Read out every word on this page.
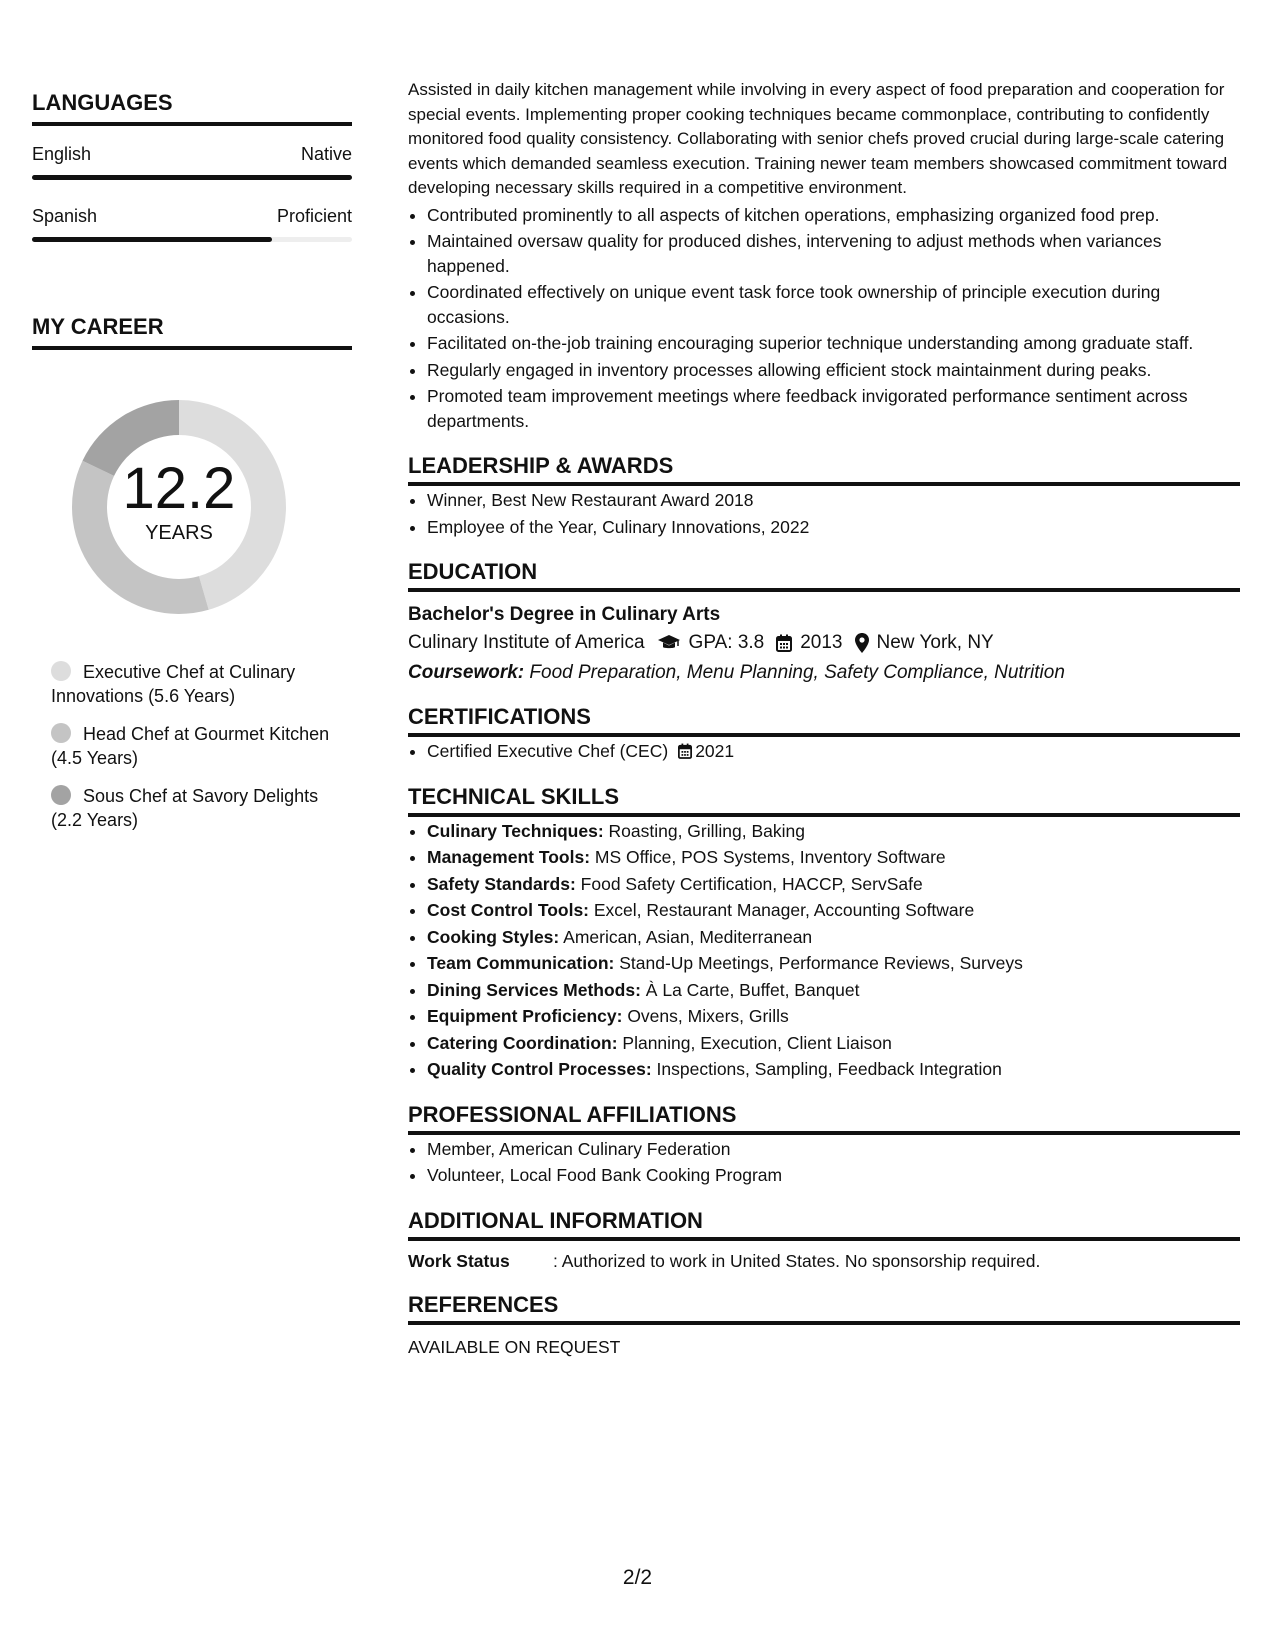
LANGUAGES
English	Native
Spanish	Proficient
MY CAREER
12.2
YEARS
Executive Chef at Culinary Innovations (5.6 Years)
Head Chef at Gourmet Kitchen (4.5 Years)
Sous Chef at Savory Delights (2.2 Years)

Assisted in daily kitchen management while involving in every aspect of food preparation and cooperation for special events. Implementing proper cooking techniques became commonplace, contributing to confidently monitored food quality consistency. Collaborating with senior chefs proved crucial during large-scale catering events which demanded seamless execution. Training newer team members showcased commitment toward developing necessary skills required in a competitive environment.

• Contributed prominently to all aspects of kitchen operations, emphasizing organized food prep.
• Maintained oversaw quality for produced dishes, intervening to adjust methods when variances happened.
• Coordinated effectively on unique event task force took ownership of principle execution during occasions.
• Facilitated on-the-job training encouraging superior technique understanding among graduate staff.
• Regularly engaged in inventory processes allowing efficient stock maintainment during peaks.
• Promoted team improvement meetings where feedback invigorated performance sentiment across departments.
LEADERSHIP & AWARDS
• Winner, Best New Restaurant Award 2018
• Employee of the Year, Culinary Innovations, 2022
EDUCATION
Bachelor's Degree in Culinary Arts
Culinary Institute of America GPA: 3.8 2013 New York, NY
Coursework: Food Preparation, Menu Planning, Safety Compliance, Nutrition
CERTIFICATIONS
• Certified Executive Chef (CEC) 2021
TECHNICAL SKILLS
• Culinary Techniques: Roasting, Grilling, Baking
• Management Tools: MS Office, POS Systems, Inventory Software
• Safety Standards: Food Safety Certification, HACCP, ServSafe
• Cost Control Tools: Excel, Restaurant Manager, Accounting Software
• Cooking Styles: American, Asian, Mediterranean
• Team Communication: Stand-Up Meetings, Performance Reviews, Surveys
• Dining Services Methods: À La Carte, Buffet, Banquet
• Equipment Proficiency: Ovens, Mixers, Grills
• Catering Coordination: Planning, Execution, Client Liaison
• Quality Control Processes: Inspections, Sampling, Feedback Integration
PROFESSIONAL AFFILIATIONS
• Member, American Culinary Federation
• Volunteer, Local Food Bank Cooking Program
ADDITIONAL INFORMATION
Work Status	: Authorized to work in United States. No sponsorship required.
REFERENCES
AVAILABLE ON REQUEST
2/2
